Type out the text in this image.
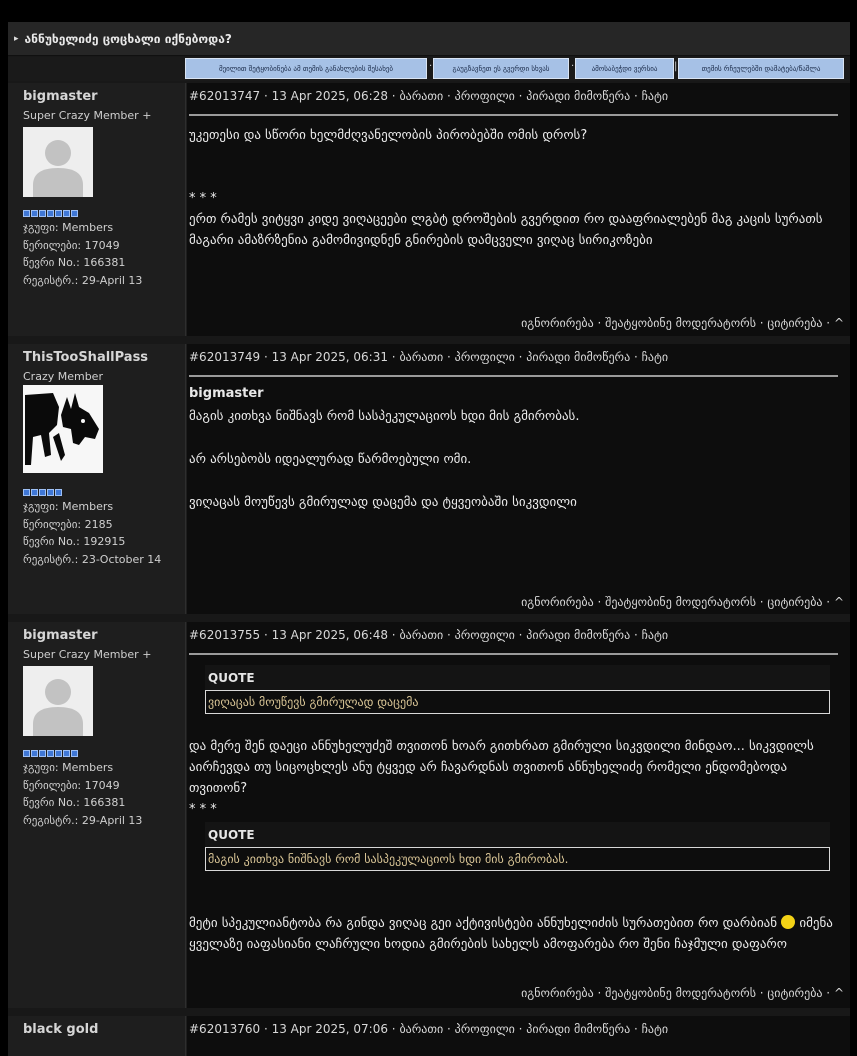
▸ ანნუხელიძე ცოცხალი იქნებოდა?
მეილით შეტყობინება ამ თემის განახლების შესახებ	·	გაუგზავნეთ ეს გვერდი სხვას	·	ამოსაბეჭდი ვერსია	|	თემის რჩეულებში დამატება/წაშლა
bigmaster
Super Crazy Member +
ჯგუფი: Members
წერილები: 17049
წევრი No.: 166381
რეგისტრ.: 29-April 13
#62013747 · 13 Apr 2025, 06:28 · ბარათი · პროფილი · პირადი მიმოწერა · ჩატი
უკეთესი და სწორი ხელმძღვანელობის პირობებში ომის დროს?
* * *
ერთ რამეს ვიტყვი კიდე ვიღაცეები ლგბტ დროშების გვერდით რო დააფრიალებენ მაგ კაცის სურათს მაგარი ამაზრზენია გამომივიდნენ გნირების დამცველი ვიღაც სირიკოზები
იგნორირება · შეატყობინე მოდერატორს · ციტირება · ^
ThisTooShallPass
Crazy Member
ჯგუფი: Members
წერილები: 2185
წევრი No.: 192915
რეგისტრ.: 23-October 14
#62013749 · 13 Apr 2025, 06:31 · ბარათი · პროფილი · პირადი მიმოწერა · ჩატი
bigmaster
მაგის კითხვა ნიშნავს რომ სასპეკულაციოს ხდი მის გმირობას.
არ არსებობს იდეალურად წარმოებული ომი.
ვიღაცას მოუწევს გმირულად დაცემა და ტყვეობაში სიკვდილი
იგნორირება · შეატყობინე მოდერატორს · ციტირება · ^
bigmaster
Super Crazy Member +
ჯგუფი: Members
წერილები: 17049
წევრი No.: 166381
რეგისტრ.: 29-April 13
#62013755 · 13 Apr 2025, 06:48 · ბარათი · პროფილი · პირადი მიმოწერა · ჩატი
QUOTE
ვიღაცას მოუწევს გმირულად დაცემა
და მერე შენ დაეცი ანნუხელუძეშ თვითონ ხოარ გითხრათ გმირული სიკვდილი მინდაო... სიკვდილს აირჩევდა თუ სიცოცხლეს ანუ ტყვედ არ ჩავარდნას თვითონ ანნუხელიძე რომელი ენდომებოდა თვითონ?
* * *
QUOTE
მაგის კითხვა ნიშნავს რომ სასპეკულაციოს ხდი მის გმირობას.
მეტი სპეკულიანტობა რა გინდა ვიღაც გეი აქტივისტები ანნუხელიძის სურათებით რო დარბიან  იმენა ყველაზე იაფასიანი ლაჩრული ხოდია გმირების სახელს ამოფარება რო შენი ჩაჯმული დაფარო
იგნორირება · შეატყობინე მოდერატორს · ციტირება · ^
black gold	#62013760 · 13 Apr 2025, 07:06 · ბარათი · პროფილი · პირადი მიმოწერა · ჩატი
